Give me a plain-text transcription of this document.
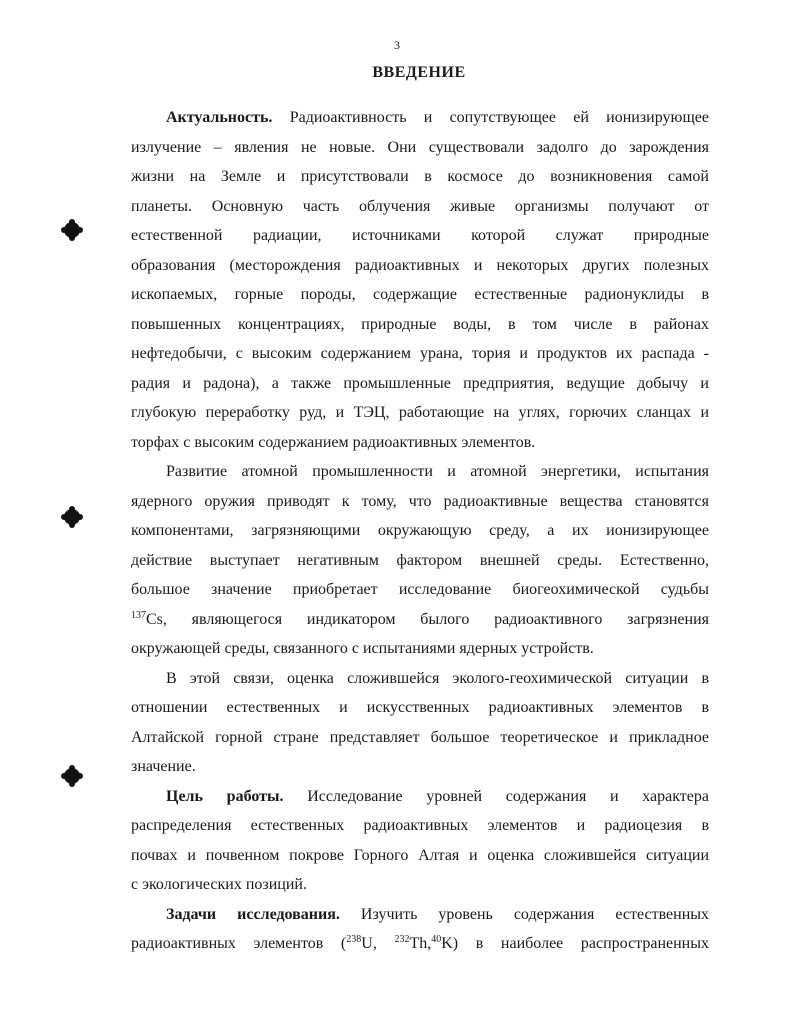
3
ВВЕДЕНИЕ
Актуальность. Радиоактивность и сопутствующее ей ионизирующее
излучение – явления не новые. Они существовали задолго до зарождения
жизни на Земле и присутствовали в космосе до возникновения самой
планеты. Основную часть облучения живые организмы получают от
естественной радиации, источниками которой служат природные
образования (месторождения радиоактивных и некоторых других полезных
ископаемых, горные породы, содержащие естественные радионуклиды в
повышенных концентрациях, природные воды, в том числе в районах
нефтедобычи, с высоким содержанием урана, тория и продуктов их распада -
радия и радона), а также промышленные предприятия, ведущие добычу и
глубокую переработку руд, и ТЭЦ, работающие на углях, горючих сланцах и
торфах с высоким содержанием радиоактивных элементов.
Развитие атомной промышленности и атомной энергетики, испытания
ядерного оружия приводят к тому, что радиоактивные вещества становятся
компонентами, загрязняющими окружающую среду, а их ионизирующее
действие выступает негативным фактором внешней среды. Естественно,
большое значение приобретает исследование биогеохимической судьбы
$^{137}$Cs, являющегося индикатором былого радиоактивного загрязнения
окружающей среды, связанного с испытаниями ядерных устройств.
В этой связи, оценка сложившейся эколого-геохимической ситуации в
отношении естественных и искусственных радиоактивных элементов в
Алтайской горной стране представляет большое теоретическое и прикладное
значение.
Цель работы. Исследование уровней содержания и характера
распределения естественных радиоактивных элементов и радиоцезия в
почвах и почвенном покрове Горного Алтая и оценка сложившейся ситуации
с экологических позиций.
Задачи исследования. Изучить уровень содержания естественных
радиоактивных элементов ($^{238}$U, $^{232}$Th,$^{40}$K) в наиболее распространенных
